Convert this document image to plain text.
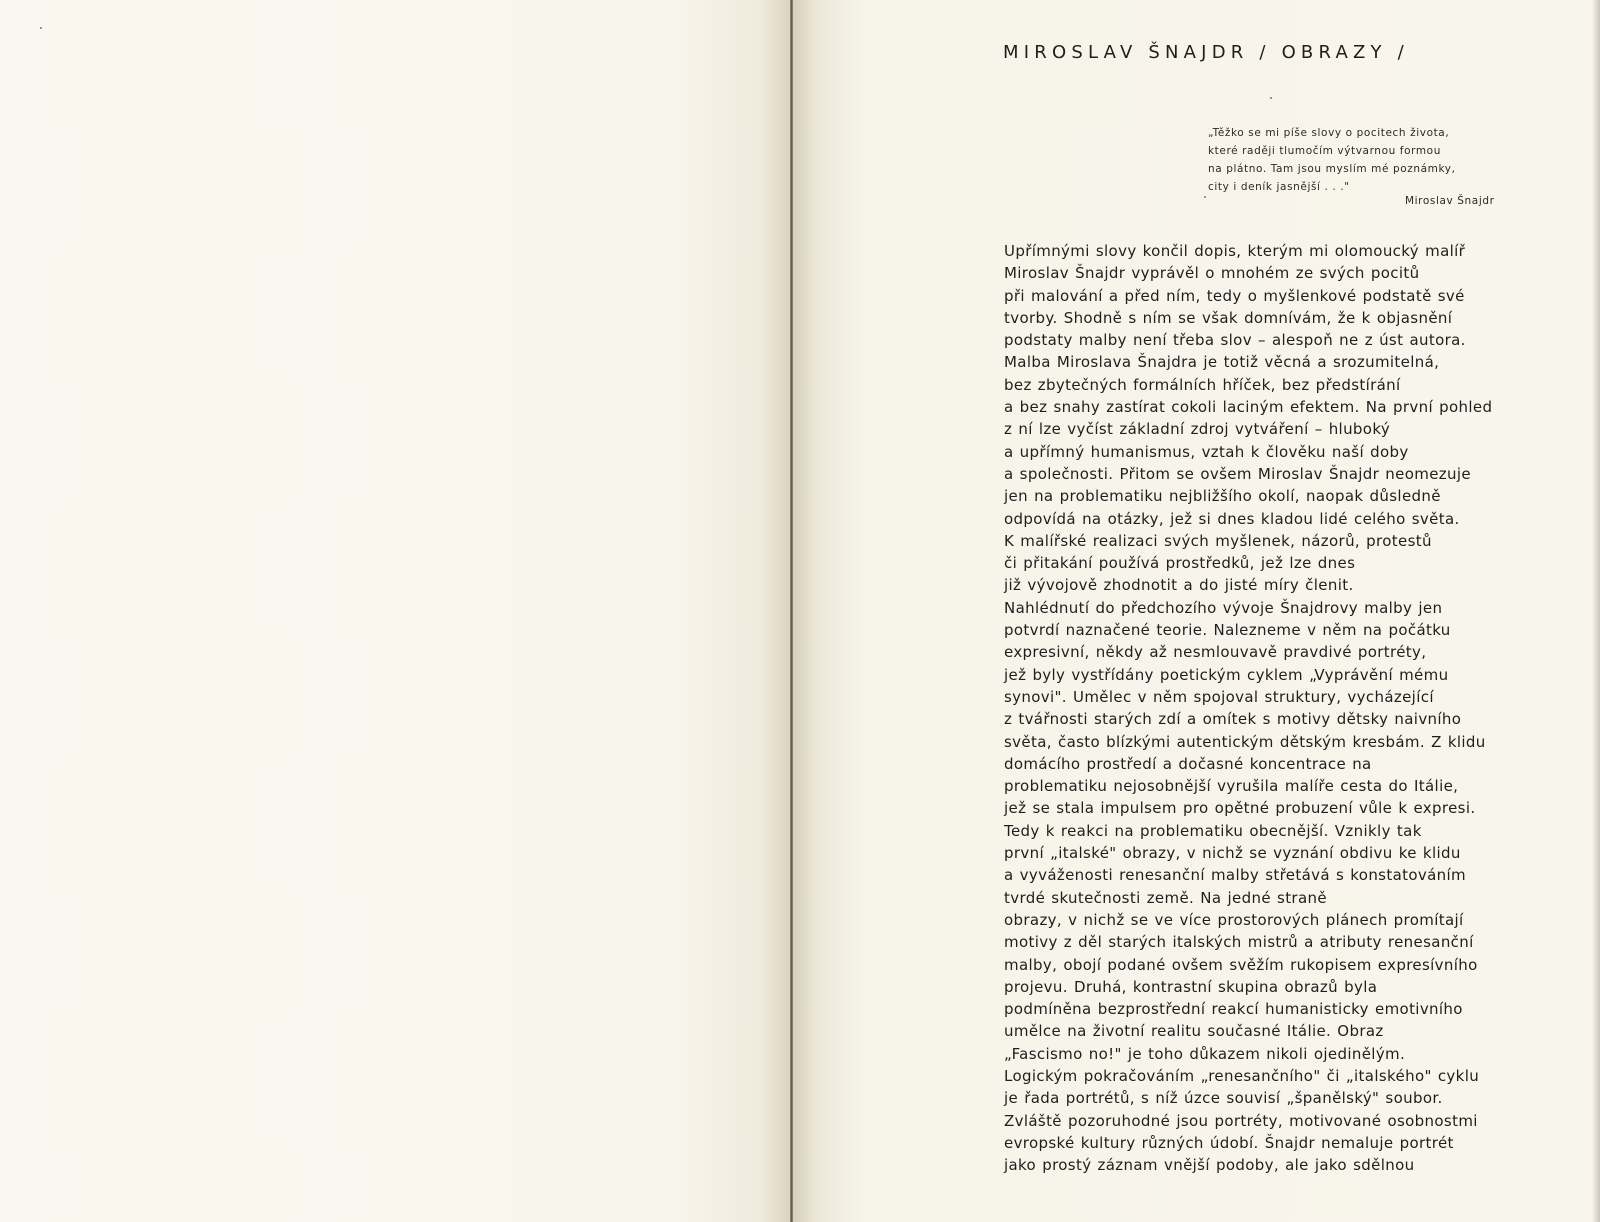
MIROSLAV ŠNAJDR / OBRAZY /
„Těžko se mi píše slovy o pocitech života,
které raději tlumočím výtvarnou formou
na plátno. Tam jsou myslím mé poznámky,
city i deník jasnější . . ."
Miroslav Šnajdr
Upřímnými slovy končil dopis, kterým mi olomoucký malíř
Miroslav Šnajdr vyprávěl o mnohém ze svých pocitů
při malování a před ním, tedy o myšlenkové podstatě své
tvorby. Shodně s ním se však domnívám, že k objasnění
podstaty malby není třeba slov – alespoň ne z úst autora.
Malba Miroslava Šnajdra je totiž věcná a srozumitelná,
bez zbytečných formálních hříček, bez předstírání
a bez snahy zastírat cokoli laciným efektem. Na první pohled
z ní lze vyčíst základní zdroj vytváření – hluboký
a upřímný humanismus, vztah k člověku naší doby
a společnosti. Přitom se ovšem Miroslav Šnajdr neomezuje
jen na problematiku nejbližšího okolí, naopak důsledně
odpovídá na otázky, jež si dnes kladou lidé celého světa.
K malířské realizaci svých myšlenek, názorů, protestů
či přitakání používá prostředků, jež lze dnes
již vývojově zhodnotit a do jisté míry členit.
Nahlédnutí do předchozího vývoje Šnajdrovy malby jen
potvrdí naznačené teorie. Nalezneme v něm na počátku
expresivní, někdy až nesmlouvavě pravdivé portréty,
jež byly vystřídány poetickým cyklem „Vyprávění mému
synovi". Umělec v něm spojoval struktury, vycházející
z tvářnosti starých zdí a omítek s motivy dětsky naivního
světa, často blízkými autentickým dětským kresbám. Z klidu
domácího prostředí a dočasné koncentrace na
problematiku nejosobnější vyrušila malíře cesta do Itálie,
jež se stala impulsem pro opětné probuzení vůle k expresi.
Tedy k reakci na problematiku obecnější. Vznikly tak
první „italské" obrazy, v nichž se vyznání obdivu ke klidu
a vyváženosti renesanční malby střetává s konstatováním
tvrdé skutečnosti země. Na jedné straně
obrazy, v nichž se ve více prostorových plánech promítají
motivy z děl starých italských mistrů a atributy renesanční
malby, obojí podané ovšem svěžím rukopisem expresívního
projevu. Druhá, kontrastní skupina obrazů byla
podmíněna bezprostřední reakcí humanisticky emotivního
umělce na životní realitu současné Itálie. Obraz
„Fascismo no!" je toho důkazem nikoli ojedinělým.
Logickým pokračováním „renesančního" či „italského" cyklu
je řada portrétů, s níž úzce souvisí „španělský" soubor.
Zvláště pozoruhodné jsou portréty, motivované osobnostmi
evropské kultury různých údobí. Šnajdr nemaluje portrét
jako prostý záznam vnější podoby, ale jako sdělnou
